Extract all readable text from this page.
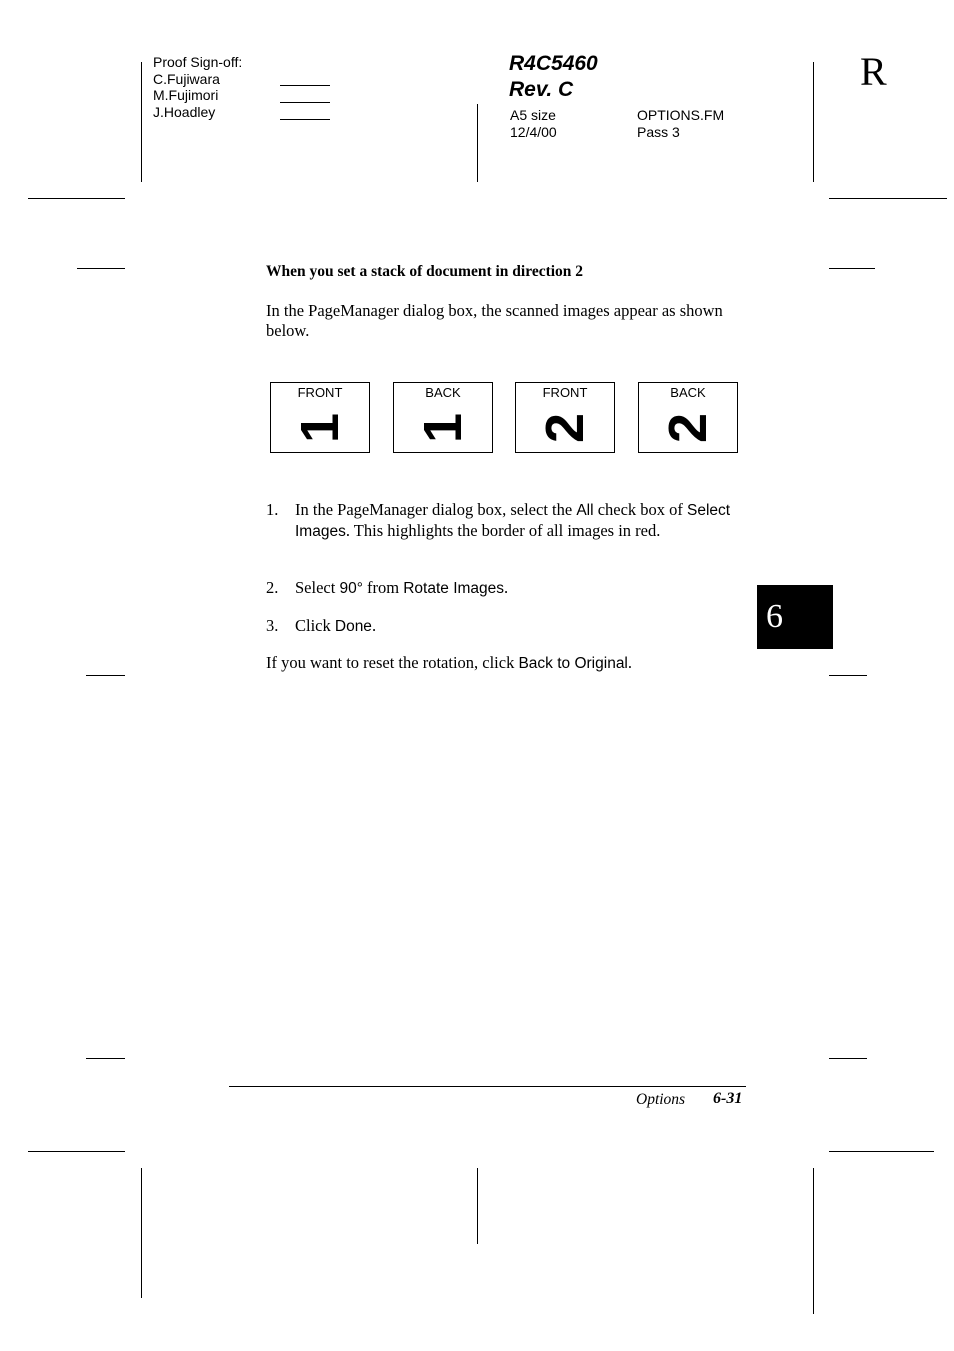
Proof Sign-off:
C.Fujiwara
M.Fujimori
J.Hoadley
R4C5460
Rev. C
A5 size
12/4/00
OPTIONS.FM
Pass 3
R
When you set a stack of document in direction 2
In the PageManager dialog box, the scanned images appear as shown below.
FRONT
1
BACK
1
FRONT
2
BACK
2
1. In the PageManager dialog box, select the All check box of Select Images. This highlights the border of all images in red.
2. Select 90° from Rotate Images.
3. Click Done.
If you want to reset the rotation, click Back to Original.
6
Options 6-31
